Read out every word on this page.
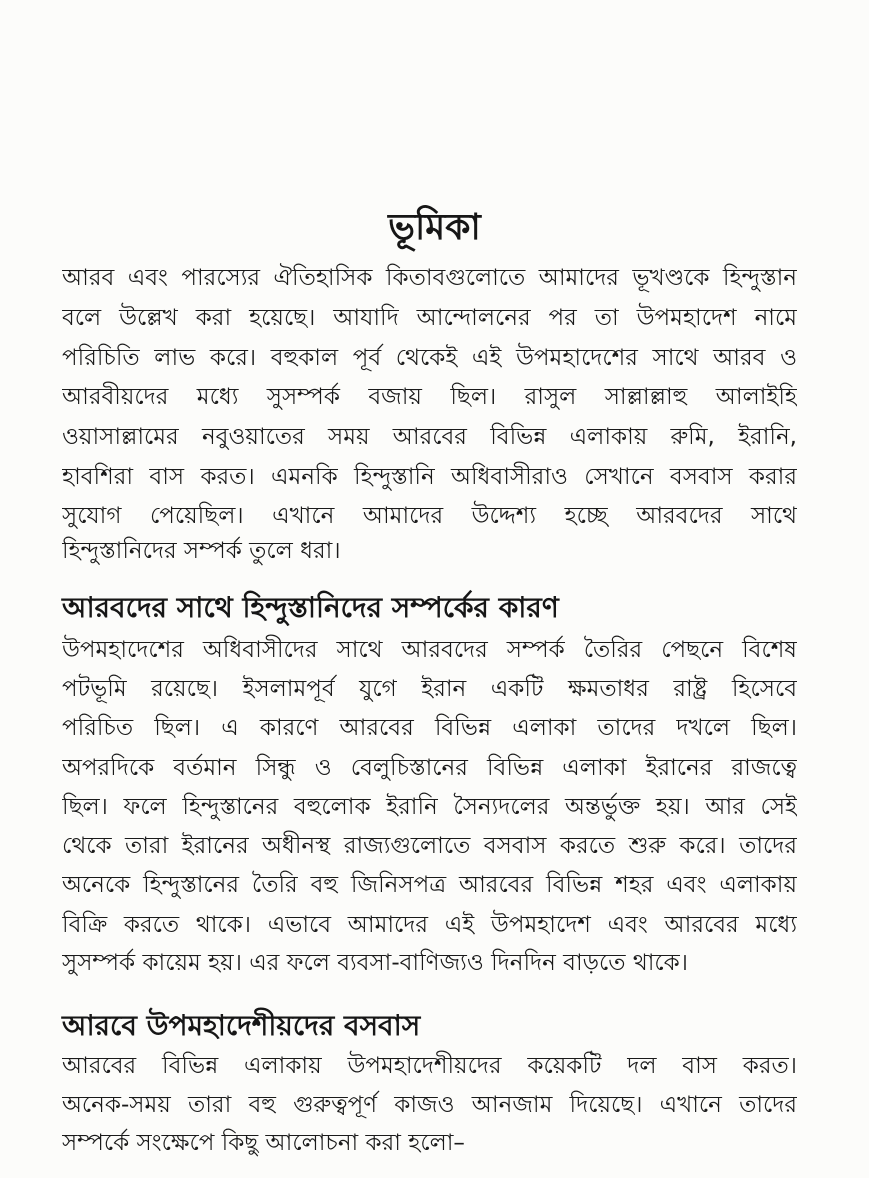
ভূমিকা
আরব এবং পারস্যের ঐতিহাসিক কিতাবগুলোতে আমাদের ভূখণ্ডকে হিন্দুস্তান
বলে উল্লেখ করা হয়েছে। আযাদি আন্দোলনের পর তা উপমহাদেশ নামে
পরিচিতি লাভ করে। বহুকাল পূর্ব থেকেই এই উপমহাদেশের সাথে আরব ও
আরবীয়দের মধ্যে সুসম্পর্ক বজায় ছিল। রাসুল সাল্লাল্লাহু আলাইহি
ওয়াসাল্লামের নবুওয়াতের সময় আরবের বিভিন্ন এলাকায় রুমি, ইরানি,
হাবশিরা বাস করত। এমনকি হিন্দুস্তানি অধিবাসীরাও সেখানে বসবাস করার
সুযোগ পেয়েছিল। এখানে আমাদের উদ্দেশ্য হচ্ছে আরবদের সাথে
হিন্দুস্তানিদের সম্পর্ক তুলে ধরা।
আরবদের সাথে হিন্দুস্তানিদের সম্পর্কের কারণ
উপমহাদেশের অধিবাসীদের সাথে আরবদের সম্পর্ক তৈরির পেছনে বিশেষ
পটভূমি রয়েছে। ইসলামপূর্ব যুগে ইরান একটি ক্ষমতাধর রাষ্ট্র হিসেবে
পরিচিত ছিল। এ কারণে আরবের বিভিন্ন এলাকা তাদের দখলে ছিল।
অপরদিকে বর্তমান সিন্ধু ও বেলুচিস্তানের বিভিন্ন এলাকা ইরানের রাজত্বে
ছিল। ফলে হিন্দুস্তানের বহুলোক ইরানি সৈন্যদলের অন্তর্ভুক্ত হয়। আর সেই
থেকে তারা ইরানের অধীনস্থ রাজ্যগুলোতে বসবাস করতে শুরু করে। তাদের
অনেকে হিন্দুস্তানের তৈরি বহু জিনিসপত্র আরবের বিভিন্ন শহর এবং এলাকায়
বিক্রি করতে থাকে। এভাবে আমাদের এই উপমহাদেশ এবং আরবের মধ্যে
সুসম্পর্ক কায়েম হয়। এর ফলে ব্যবসা-বাণিজ্যও দিনদিন বাড়তে থাকে।
আরবে উপমহাদেশীয়দের বসবাস
আরবের বিভিন্ন এলাকায় উপমহাদেশীয়দের কয়েকটি দল বাস করত।
অনেক-সময় তারা বহু গুরুত্বপূর্ণ কাজও আনজাম দিয়েছে। এখানে তাদের
সম্পর্কে সংক্ষেপে কিছু আলোচনা করা হলো–
